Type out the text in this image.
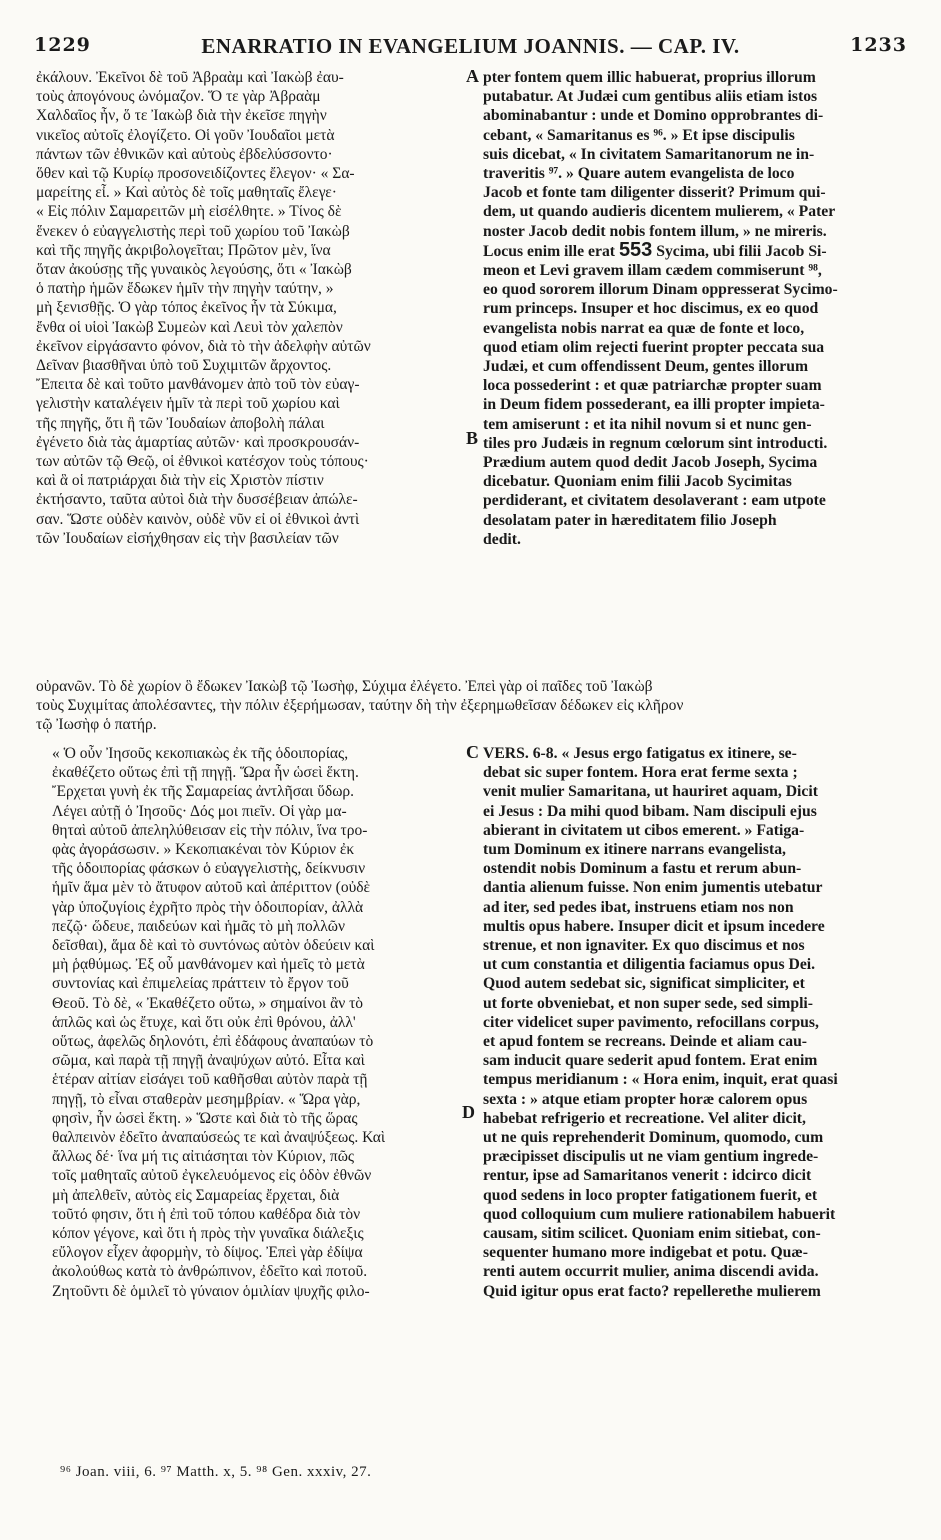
1229	ENARRATIO IN EVANGELIUM JOANNIS. — CAP. IV.	1233
ἐκάλουν. Ἐκεῖνοι δὲ τοῦ Ἀβραὰμ καὶ Ἰακὼβ ἐαυ-
τοὺς ἀπογόνους ὠνόμαζον. Ὅ τε γὰρ Ἀβραὰμ
Χαλδαῖος ἦν, ὅ τε Ἰακὼβ διὰ τὴν ἐκεῖσε πηγὴν
νικεῖος αὐτοῖς ἐλογίζετο. Οἱ γοῦν Ἰουδαῖοι μετὰ
πάντων τῶν ἐθνικῶν καὶ αὐτοὺς ἐβδελύσσοντο·
ὅθεν καὶ τῷ Κυρίῳ προσονειδίζοντες ἔλεγον· « Σα-
μαρείτης εἶ. » Καὶ αὐτὸς δὲ τοῖς μαθηταῖς ἔλεγε·
« Εἰς πόλιν Σαμαρειτῶν μὴ εἰσέλθητε. » Τίνος δὲ
ἕνεκεν ὁ εὐαγγελιστὴς περὶ τοῦ χωρίου τοῦ Ἰακὼβ
καὶ τῆς πηγῆς ἀκριβολογεῖται; Πρῶτον μὲν, ἵνα
ὅταν ἀκούσῃς τῆς γυναικὸς λεγούσης, ὅτι « Ἰακὼβ
ὁ πατὴρ ἡμῶν ἔδωκεν ἡμῖν τὴν πηγὴν ταύτην, »
μὴ ξενισθῇς. Ὁ γὰρ τόπος ἐκεῖνος ἦν τὰ Σύκιμα,
ἔνθα οἱ υἱοὶ Ἰακὼβ Συμεὼν καὶ Λευὶ τὸν χαλεπὸν
ἐκεῖνον εἰργάσαντο φόνον, διὰ τὸ τὴν ἀδελφὴν αὐτῶν
Δεῖναν βιασθῆναι ὑπὸ τοῦ Συχιμιτῶν ἄρχοντος.
Ἔπειτα δὲ καὶ τοῦτο μανθάνομεν ἀπὸ τοῦ τὸν εὐαγ-
γελιστὴν καταλέγειν ἡμῖν τὰ περὶ τοῦ χωρίου καὶ
τῆς πηγῆς, ὅτι ἢ τῶν Ἰουδαίων ἀποβολὴ πάλαι
ἐγένετο διὰ τὰς ἁμαρτίας αὐτῶν· καὶ προσκρουσάν-
των αὐτῶν τῷ Θεῷ, οἱ ἐθνικοὶ κατέσχον τοὺς τόπους·
καὶ ἃ οἱ πατριάρχαι διὰ τὴν εἰς Χριστὸν πίστιν
ἐκτήσαντο, ταῦτα αὐτοὶ διὰ τὴν δυσσέβειαν ἀπώλε-
σαν. Ὥστε οὐδὲν καινὸν, οὐδὲ νῦν εἰ οἱ ἐθνικοὶ ἀντὶ
τῶν Ἰουδαίων εἰσήχθησαν εἰς τὴν βασιλείαν τῶν
pter fontem quem illic habuerat, proprius illorum
putabatur. At Judæi cum gentibus aliis etiam istos
abominabantur : unde et Domino opprobrantes di-
cebant, « Samaritanus es ⁹⁶. » Et ipse discipulis
suis dicebat, « In civitatem Samaritanorum ne in-
traveritis ⁹⁷. » Quare autem evangelista de loco
Jacob et fonte tam diligenter disserit? Primum qui-
dem, ut quando audieris dicentem mulierem, « Pater
noster Jacob dedit nobis fontem illum, » ne mireris.
Locus enim ille erat 553 Sycima, ubi filii Jacob Si-
meon et Levi gravem illam cædem commiserunt ⁹⁸,
eo quod sororem illorum Dinam oppresserat Sycimo-
rum princeps. Insuper et hoc discimus, ex eo quod
evangelista nobis narrat ea quæ de fonte et loco,
quod etiam olim rejecti fuerint propter peccata sua
Judæi, et cum offendissent Deum, gentes illorum
loca possederint : et quæ patriarchæ propter suam
in Deum fidem possederant, ea illi propter impieta-
tem amiserunt : et ita nihil novum si et nunc gen-
tiles pro Judæis in regnum cœlorum sint introducti.
Prædium autem quod dedit Jacob Joseph, Sycima
dicebatur. Quoniam enim filii Jacob Sycimitas
perdiderant, et civitatem desolaverant : eam utpote
desolatam pater in hæreditatem filio Joseph
dedit.
οὐρανῶν. Τὸ δὲ χωρίον ὃ ἔδωκεν Ἰακὼβ τῷ Ἰωσὴφ, Σύχιμα ἐλέγετο. Ἐπεὶ γὰρ οἱ παῖδες τοῦ Ἰακὼβ
τοὺς Συχιμίτας ἀπολέσαντες, τὴν πόλιν ἐξερήμωσαν, ταύτην δὴ τὴν ἐξερημωθεῖσαν δέδωκεν εἰς κλῆρον
τῷ Ἰωσὴφ ὁ πατήρ.
« Ὁ οὖν Ἰησοῦς κεκοπιακὼς ἐκ τῆς ὁδοιπορίας,
ἐκαθέζετο οὕτως ἐπὶ τῇ πηγῇ. Ὥρα ἦν ὡσεὶ ἕκτη.
Ἔρχεται γυνὴ ἐκ τῆς Σαμαρείας ἀντλῆσαι ὕδωρ.
Λέγει αὐτῇ ὁ Ἰησοῦς· Δός μοι πιεῖν. Οἱ γὰρ μα-
θηταὶ αὐτοῦ ἀπεληλύθεισαν εἰς τὴν πόλιν, ἵνα τρο-
φὰς ἀγοράσωσιν. » Κεκοπιακέναι τὸν Κύριον ἐκ
τῆς ὁδοιπορίας φάσκων ὁ εὐαγγελιστὴς, δείκνυσιν
ἡμῖν ἅμα μὲν τὸ ἄτυφον αὐτοῦ καὶ ἀπέριττον (οὐδὲ
γὰρ ὑποζυγίοις ἐχρῆτο πρὸς τὴν ὁδοιπορίαν, ἀλλὰ
πεζῷ· ὥδευε, παιδεύων καὶ ἡμᾶς τὸ μὴ πολλῶν
δεῖσθαι), ἅμα δὲ καὶ τὸ συντόνως αὐτὸν ὁδεύειν καὶ
μὴ ῥᾳθύμως. Ἐξ οὗ μανθάνομεν καὶ ἡμεῖς τὸ μετὰ
συντονίας καὶ ἐπιμελείας πράττειν τὸ ἔργον τοῦ
Θεοῦ. Τὸ δὲ, « Ἐκαθέζετο οὕτω, » σημαίνοι ἂν τὸ
ἁπλῶς καὶ ὡς ἔτυχε, καὶ ὅτι οὐκ ἐπὶ θρόνου, ἀλλ'
οὕτως, ἀφελῶς δηλονότι, ἐπὶ ἐδάφους ἀναπαύων τὸ
σῶμα, καὶ παρὰ τῇ πηγῇ ἀναψύχων αὐτό. Εἶτα καὶ
ἑτέραν αἰτίαν εἰσάγει τοῦ καθῆσθαι αὐτὸν παρὰ τῇ
πηγῇ, τὸ εἶναι σταθερὰν μεσημβρίαν. « Ὥρα γὰρ,
φησὶν, ἦν ὡσεὶ ἕκτη. » Ὥστε καὶ διὰ τὸ τῆς ὥρας
θαλπεινὸν ἐδεῖτο ἀναπαύσεώς τε καὶ ἀναψύξεως. Καὶ
ἄλλως δέ· ἵνα μή τις αἰτιάσηται τὸν Κύριον, πῶς
τοῖς μαθηταῖς αὐτοῦ ἐγκελευόμενος εἰς ὁδὸν ἐθνῶν
μὴ ἀπελθεῖν, αὐτὸς εἰς Σαμαρείας ἔρχεται, διὰ
τοῦτό φησιν, ὅτι ἡ ἐπὶ τοῦ τόπου καθέδρα διὰ τὸν
κόπον γέγονε, καὶ ὅτι ἡ πρὸς τὴν γυναῖκα διάλεξις
εὔλογον εἶχεν ἀφορμὴν, τὸ δίψος. Ἐπεὶ γὰρ ἐδίψα
ἀκολούθως κατὰ τὸ ἀνθρώπινον, ἐδεῖτο καὶ ποτοῦ.
Ζητοῦντι δὲ ὁμιλεῖ τὸ γύναιον ὁμιλίαν ψυχῆς φιλο-
VERS. 6-8. « Jesus ergo fatigatus ex itinere, se-
debat sic super fontem. Hora erat ferme sexta ;
venit mulier Samaritana, ut hauriret aquam, Dicit
ei Jesus : Da mihi quod bibam. Nam discipuli ejus
abierant in civitatem ut cibos emerent. » Fatiga-
tum Dominum ex itinere narrans evangelista,
ostendit nobis Dominum a fastu et rerum abun-
dantia alienum fuisse. Non enim jumentis utebatur
ad iter, sed pedes ibat, instruens etiam nos non
multis opus habere. Insuper dicit et ipsum incedere
strenue, et non ignaviter. Ex quo discimus et nos
ut cum constantia et diligentia faciamus opus Dei.
Quod autem sedebat sic, significat simpliciter, et
ut forte obveniebat, et non super sede, sed simpli-
citer videlicet super pavimento, refocillans corpus,
et apud fontem se recreans. Deinde et aliam cau-
sam inducit quare sederit apud fontem. Erat enim
tempus meridianum : « Hora enim, inquit, erat quasi
sexta : » atque etiam propter horæ calorem opus
habebat refrigerio et recreatione. Vel aliter dicit,
ut ne quis reprehenderit Dominum, quomodo, cum
præcipisset discipulis ut ne viam gentium ingrede-
rentur, ipse ad Samaritanos venerit : idcirco dicit
quod sedens in loco propter fatigationem fuerit, et
quod colloquium cum muliere rationabilem habuerit
causam, sitim scilicet. Quoniam enim sitiebat, con-
sequenter humano more indigebat et potu. Quæ-
renti autem occurrit mulier, anima discendi avida.
Quid igitur opus erat facto? repellerethe mulierem
A
B
C
D
⁹⁶ Joan. viii, 6. ⁹⁷ Matth. x, 5. ⁹⁸ Gen. xxxiv, 27.
